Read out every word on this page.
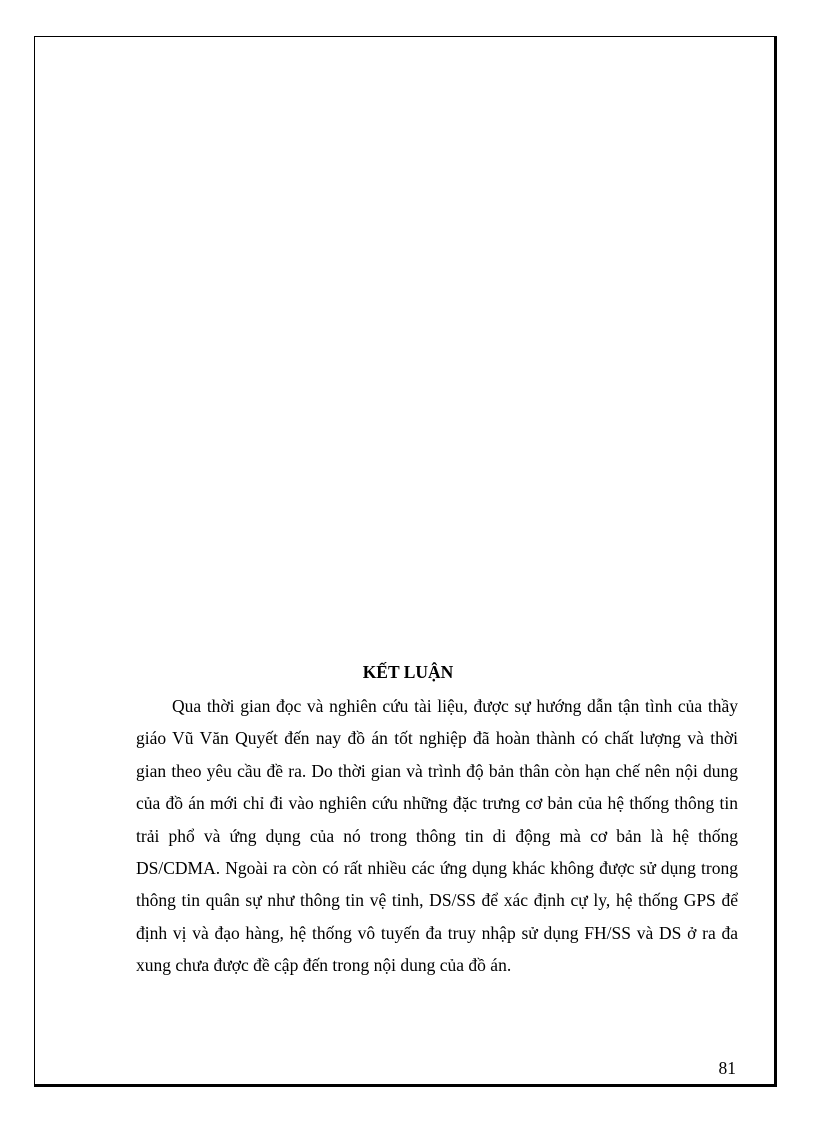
KẾT LUẬN

Qua thời gian đọc và nghiên cứu tài liệu, được sự hướng dẫn tận tình của thầy giáo Vũ Văn Quyết đến nay đồ án tốt nghiệp đã hoàn thành có chất lượng và thời gian theo yêu cầu đề ra. Do thời gian và trình độ bản thân còn hạn chế nên nội dung của đồ án mới chỉ đi vào nghiên cứu những đặc trưng cơ bản của hệ thống thông tin trải phổ và ứng dụng của nó trong thông tin di động mà cơ bản là hệ thống DS/CDMA. Ngoài ra còn có rất nhiều các ứng dụng khác không được sử dụng trong thông tin quân sự như thông tin vệ tinh, DS/SS để xác định cự ly, hệ thống GPS để định vị và đạo hàng, hệ thống vô tuyến đa truy nhập sử dụng FH/SS và DS ở ra đa xung chưa được đề cập đến trong nội dung của đồ án.

81
